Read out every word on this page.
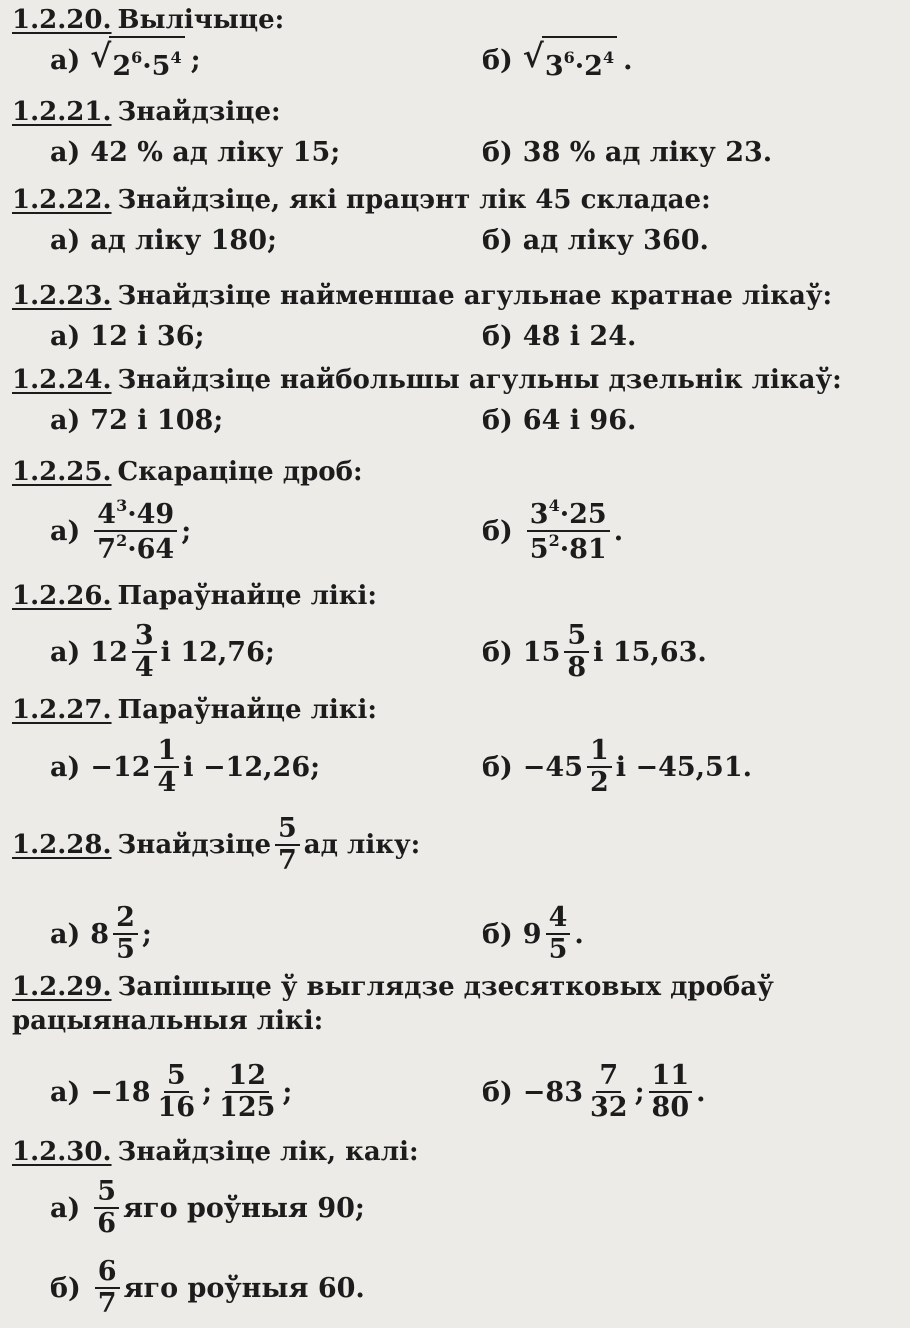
1.2.20. Вылічыце:
а) √ $2^6\cdot 5^4$ ;	б) √ $3^6\cdot 2^4$ .
1.2.21. Знайдзіце:
а) 42 % ад ліку 15;	б) 38 % ад ліку 23.
1.2.22. Знайдзіце, які працэнт лік 45 складае:
а) ад ліку 180;	б) ад ліку 360.
1.2.23. Знайдзіце найменшае агульнае кратнае лікаў:
а) 12 і 36;	б) 48 і 24.
1.2.24. Знайдзіце найбольшы агульны дзельнік лікаў:
а) 72 і 108;	б) 64 і 96.
1.2.25. Скараціце дроб:
$а) \frac{4^3\cdot 49}{7^2\cdot 64}$ ;	$б) \frac{3^4\cdot 25}{5^2\cdot 81}$ .
1.2.26. Параўнайце лікі:
а) $12 \frac{3}{4}$ і 12,76;	б) $15 \frac{5}{8}$ і 15,63.
1.2.27. Параўнайце лікі:
$а) -12 \frac{1}{4}$ і −12,26;	$б) -45 \frac{1}{2}$ і −45,51.
1.2.28. Знайдзіце $\frac{5}{7}$ ад ліку:
а) $8 \frac{2}{5}$ ;	б) $9 \frac{4}{5}$ .
1.2.29. Запішыце ў выглядзе дзесятковых дробаў рацыянальныя лікі:
$а) -18 \frac{5}{16}$ ; $\frac{12}{125}$ ;	$б) -83 \frac{7}{32}$ ; $\frac{11}{80}$ .
1.2.30. Знайдзіце лік, калі:
$а) \frac{5}{6}$ яго роўныя 90;
$б) \frac{6}{7}$ яго роўныя 60.
